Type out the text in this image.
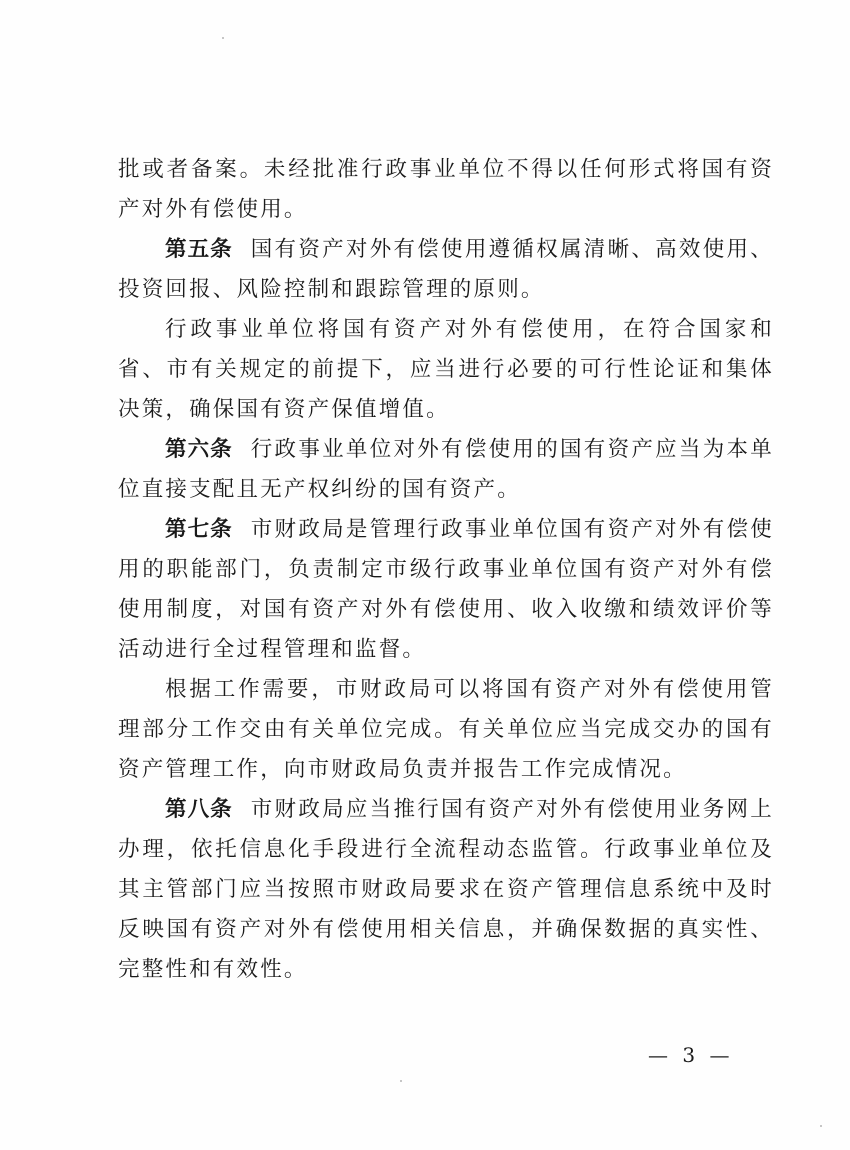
批或者备案。未经批准行政事业单位不得以任何形式将国有资产对外有偿使用。

第五条 国有资产对外有偿使用遵循权属清晰、高效使用、投资回报、风险控制和跟踪管理的原则。

行政事业单位将国有资产对外有偿使用，在符合国家和省、市有关规定的前提下，应当进行必要的可行性论证和集体决策，确保国有资产保值增值。

第六条 行政事业单位对外有偿使用的国有资产应当为本单位直接支配且无产权纠纷的国有资产。

第七条 市财政局是管理行政事业单位国有资产对外有偿使用的职能部门，负责制定市级行政事业单位国有资产对外有偿使用制度，对国有资产对外有偿使用、收入收缴和绩效评价等活动进行全过程管理和监督。

根据工作需要，市财政局可以将国有资产对外有偿使用管理部分工作交由有关单位完成。有关单位应当完成交办的国有资产管理工作，向市财政局负责并报告工作完成情况。

第八条 市财政局应当推行国有资产对外有偿使用业务网上办理，依托信息化手段进行全流程动态监管。行政事业单位及其主管部门应当按照市财政局要求在资产管理信息系统中及时反映国有资产对外有偿使用相关信息，并确保数据的真实性、完整性和有效性。

— 3 —
